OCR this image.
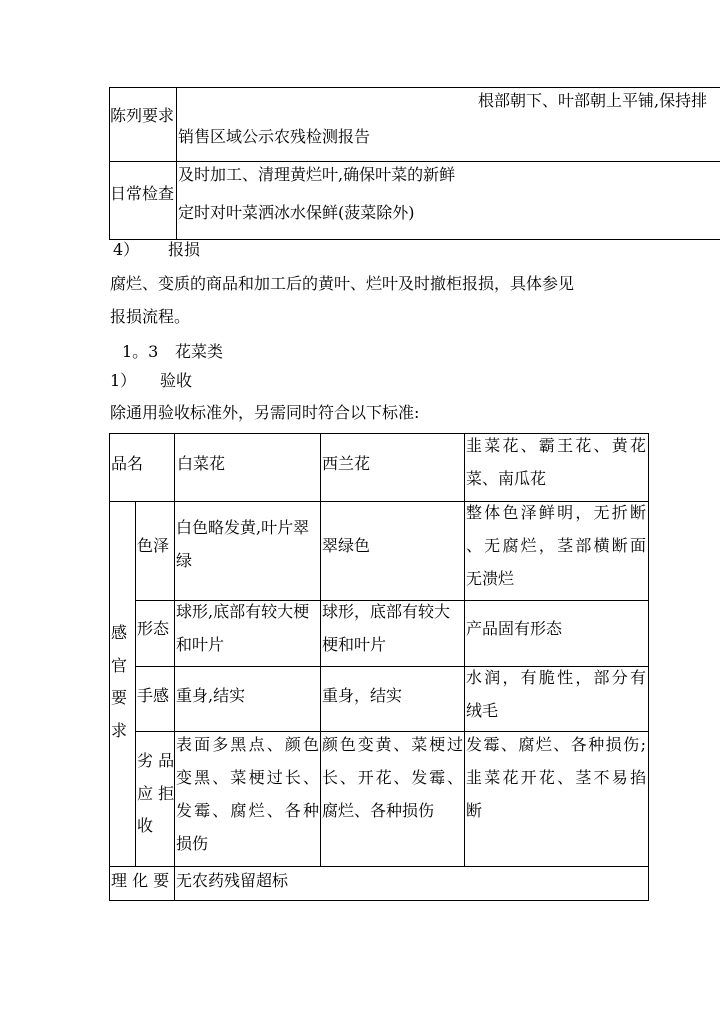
陈列要求
根部朝下、叶部朝上平铺,保持排
销售区域公示农残检测报告
日常检查
及时加工、清理黄烂叶,确保叶菜的新鲜
定时对叶菜洒冰水保鲜(菠菜除外)
4） 报损
腐烂、变质的商品和加工后的黄叶、烂叶及时撤柜报损，具体参见
报损流程。
1。3 花菜类
1） 验收
除通用验收标准外，另需同时符合以下标准:
品名 白菜花	西兰花
韭菜花、霸王花、黄花
菜、南瓜花
感
官
要
求
色泽
白色略发黄,叶片翠
绿
翠绿色
整体色泽鲜明，无折断
、无腐烂，茎部横断面
无溃烂
形态
球形,底部有较大梗
和叶片
球形，底部有较大
梗和叶片
产品固有形态
手感 重身,结实	重身，结实
水润，有脆性，部分有
绒毛
劣 品
应 拒
收
表面多黑点、颜色
变黑、菜梗过长、
发霉、腐烂、各种
损伤
颜色变黄、菜梗过
长、开花、发霉、
腐烂、各种损伤
发霉、腐烂、各种损伤;
韭菜花开花、茎不易掐
断
理 化 要 无农药残留超标
